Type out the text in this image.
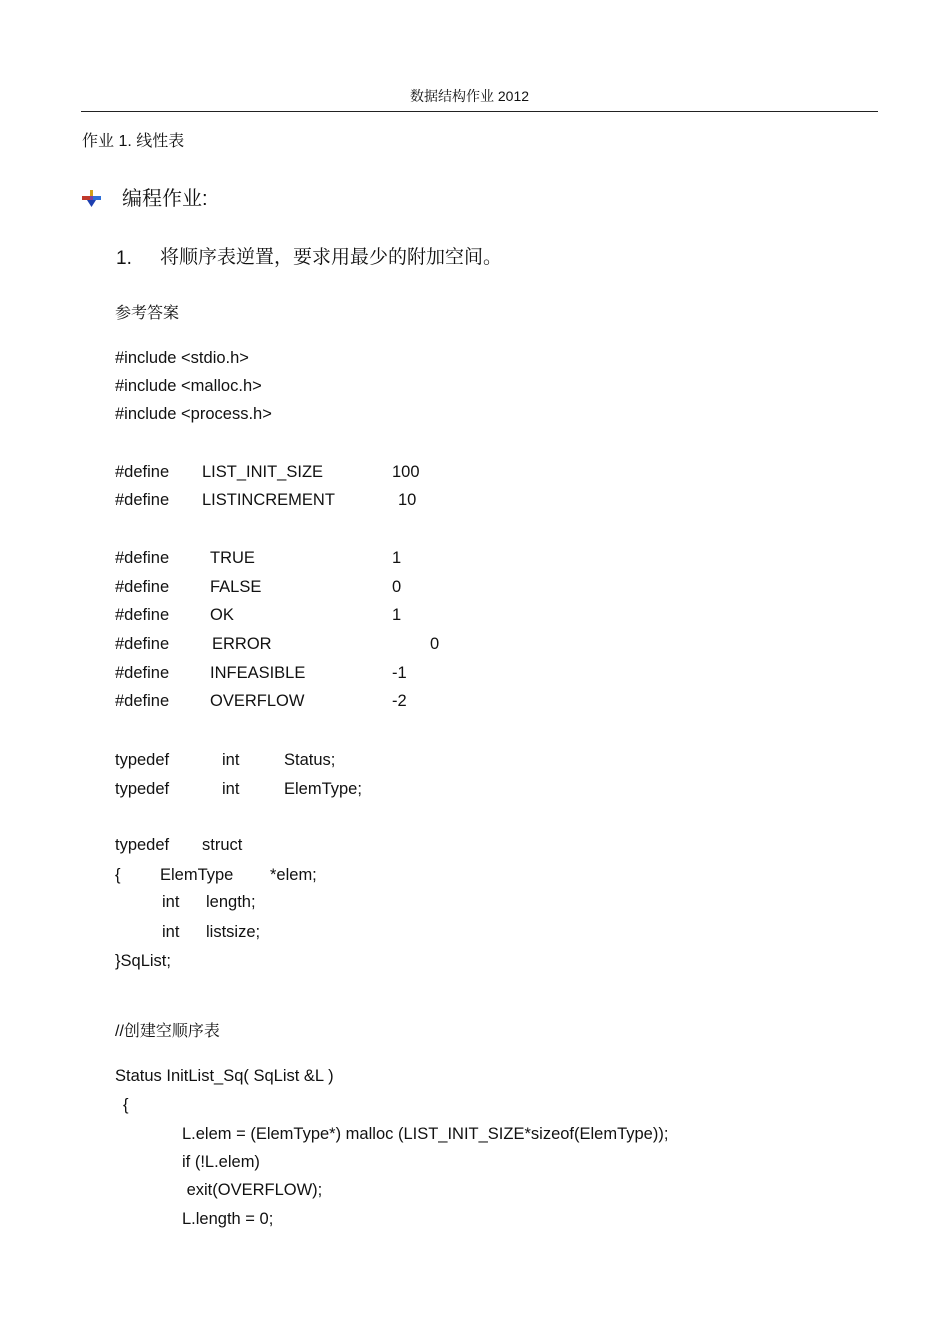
数据结构作业 2012
作业 1. 线性表
编程作业:
1. 将顺序表逆置，要求用最少的附加空间。
参考答案
#include <stdio.h>
#include <malloc.h>
#include <process.h>
#define LIST_INIT_SIZE	100
#define LISTINCREMENT	10
#define TRUE	1
#define FALSE	0
#define OK	1
#define	ERROR	0
#define INFEASIBLE	-1
#define OVERFLOW	-2
typedef	int	Status;
typedef	int	ElemType;
typedef struct
{ ElemType *elem;
int length;
int listsize;
}SqList;
//创建空顺序表
Status InitList_Sq( SqList &L )
{
L.elem = (ElemType*) malloc (LIST_INIT_SIZE*sizeof(ElemType));
if (!L.elem)
exit(OVERFLOW);
L.length = 0;
